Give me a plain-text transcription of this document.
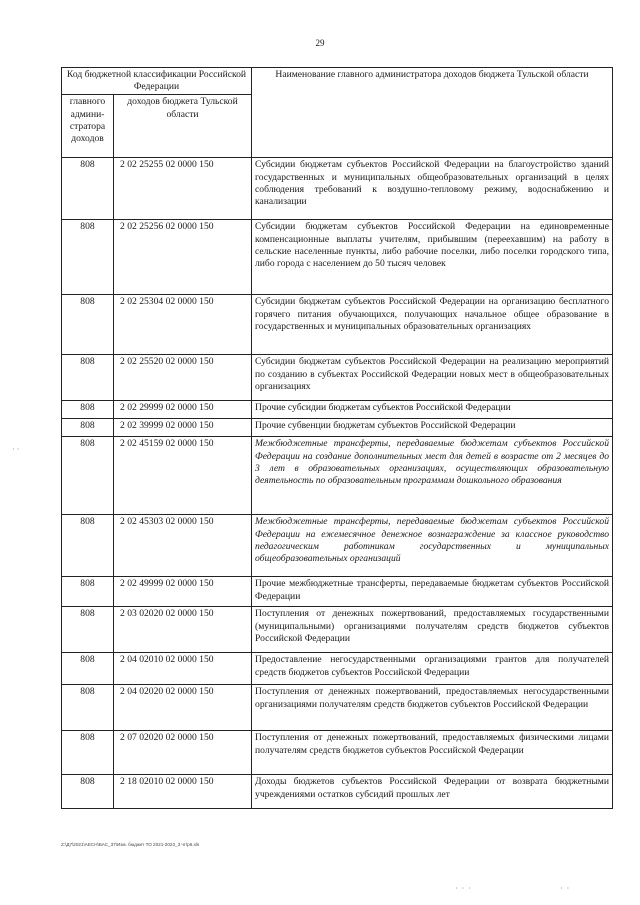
29
Код бюджетной классификации Российской Федерации		Наименование главного администратора доходов бюджета Тульской области
главного админи-стратора доходов	доходов бюджета Тульской области	
808	2 02 25255 02 0000 150	Субсидии бюджетам субъектов Российской Федерации на благоустройство зданий государственных и муниципальных общеобразовательных организаций в целях соблюдения требований к воздушно-тепловому режиму, водоснабжению и канализации
808	2 02 25256 02 0000 150	Субсидии бюджетам субъектов Российской Федерации на единовременные компенсационные выплаты учителям, прибывшим (переехавшим) на работу в сельские населенные пункты, либо рабочие поселки, либо поселки городского типа, либо города с населением до 50 тысяч человек
808	2 02 25304 02 0000 150	Субсидии бюджетам субъектов Российской Федерации на организацию бесплатного горячего питания обучающихся, получающих начальное общее образование в государственных и муниципальных образовательных организациях
808	2 02 25520 02 0000 150	Субсидии бюджетам субъектов Российской Федерации на реализацию мероприятий по созданию в субъектах Российской Федерации новых мест в общеобразовательных организациях
808	2 02 29999 02 0000 150	Прочие субсидии бюджетам субъектов Российской Федерации
808	2 02 39999 02 0000 150	Прочие субвенции бюджетам субъектов Российской Федерации
808	2 02 45159 02 0000 150	Межбюджетные трансферты, передаваемые бюджетам субъектов Российской Федерации на создание дополнительных мест для детей в возрасте от 2 месяцев до 3 лет в образовательных организациях, осуществляющих образовательную деятельность по образовательным программам дошкольного образования
808	2 02 45303 02 0000 150	Межбюджетные трансферты, передаваемые бюджетам субъектов Российской Федерации на ежемесячное денежное вознаграждение за классное руководство педагогическим работникам государственных и муниципальных общеобразовательных организаций
808	2 02 49999 02 0000 150	Прочие межбюджетные трансферты, передаваемые бюджетам субъектов Российской Федерации
808	2 03 02020 02 0000 150	Поступления от денежных пожертвований, предоставляемых государственными (муниципальными) организациями получателям средств бюджетов субъектов Российской Федерации
808	2 04 02010 02 0000 150	Предоставление негосударственными организациями грантов для получателей средств бюджетов субъектов Российской Федерации
808	2 04 02020 02 0000 150	Поступления от денежных пожертвований, предоставляемых негосударственными организациями получателям средств бюджетов субъектов Российской Федерации
808	2 07 02020 02 0000 150	Поступления от денежных пожертвований, предоставляемых физическими лицами получателям средств бюджетов субъектов Российской Федерации
808	2 18 02010 02 0000 150	Доходы бюджетов субъектов Российской Федерации от возврата бюджетными учреждениями остатков субсидий прошлых лет
Z:\Д7\2021\АЕСН\БАС_37\Изм. бюджет ТО 2021-2023_3 чт\р6.xls
· ·
·  ·  ·	·  ·
